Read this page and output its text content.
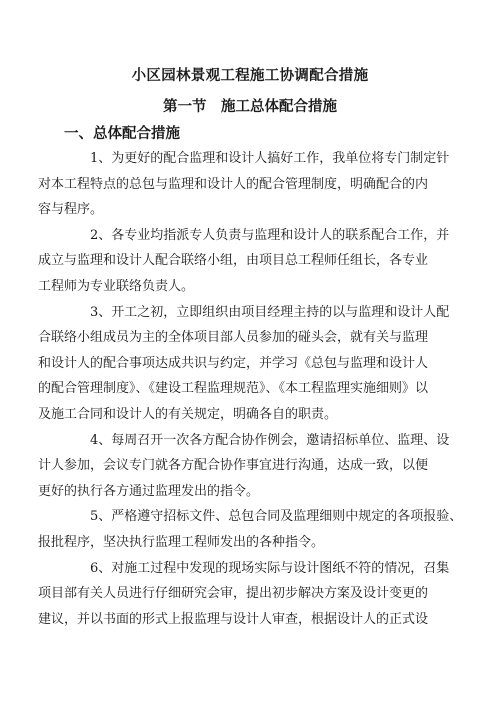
小区园林景观工程施工协调配合措施
第一节　施工总体配合措施
一、总体配合措施

1、为更好的配合监理和设计人搞好工作，我单位将专门制定针
对本工程特点的总包与监理和设计人的配合管理制度，明确配合的内
容与程序。

2、各专业均指派专人负责与监理和设计人的联系配合工作，并
成立与监理和设计人配合联络小组，由项目总工程师任组长，各专业
工程师为专业联络负责人。

3、开工之初，立即组织由项目经理主持的以与监理和设计人配
合联络小组成员为主的全体项目部人员参加的碰头会，就有关与监理
和设计人的配合事项达成共识与约定，并学习《总包与监理和设计人
的配合管理制度》、《建设工程监理规范》、《本工程监理实施细则》以
及施工合同和设计人的有关规定，明确各自的职责。

4、每周召开一次各方配合协作例会，邀请招标单位、监理、设
计人参加，会议专门就各方配合协作事宜进行沟通，达成一致，以便
更好的执行各方通过监理发出的指令。

5、严格遵守招标文件、总包合同及监理细则中规定的各项报验、
报批程序，坚决执行监理工程师发出的各种指令。

6、对施工过程中发现的现场实际与设计图纸不符的情况，召集
项目部有关人员进行仔细研究会审，提出初步解决方案及设计变更的
建议，并以书面的形式上报监理与设计人审查，根据设计人的正式设
